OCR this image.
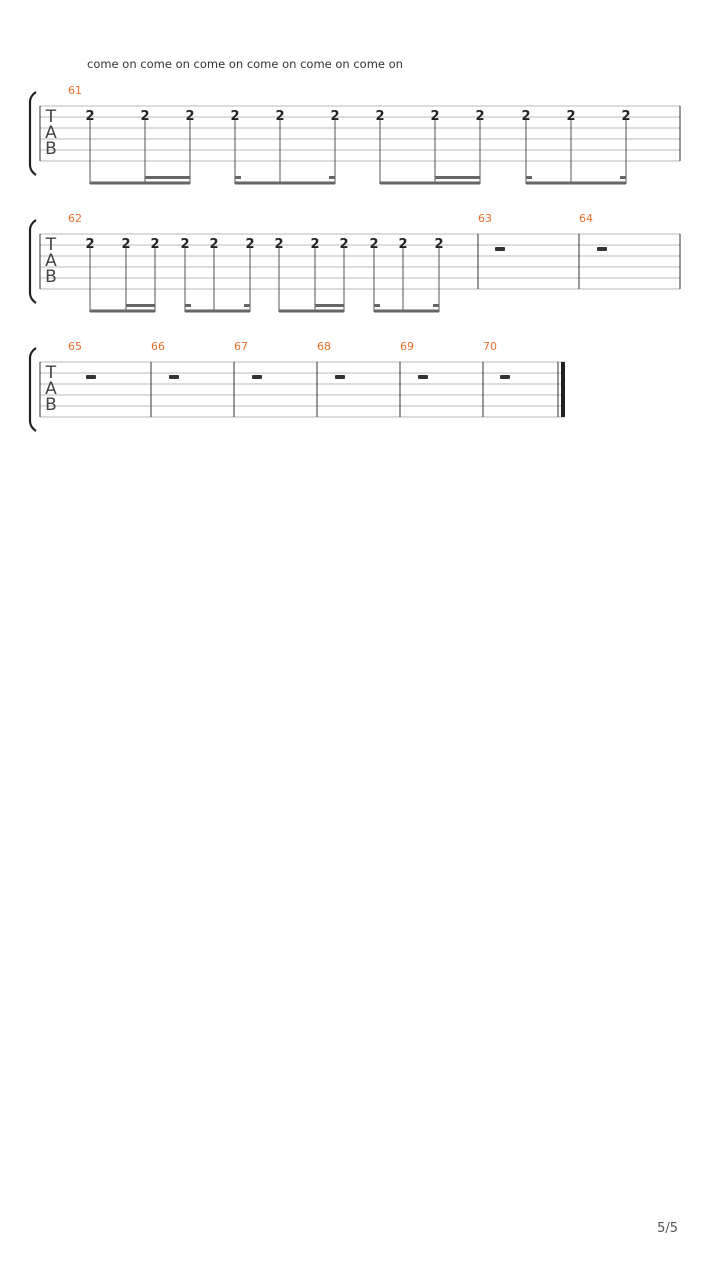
come on come on come on come on come on come on
T
A
B
61
2	2	2	2	2	2	2	2	2	2	2	2
T
A
B
62
2 2 2 2 2 2 2 2 2 2 2 2
63	64
T
A
B
65	66	67	68	69	70
5/5
